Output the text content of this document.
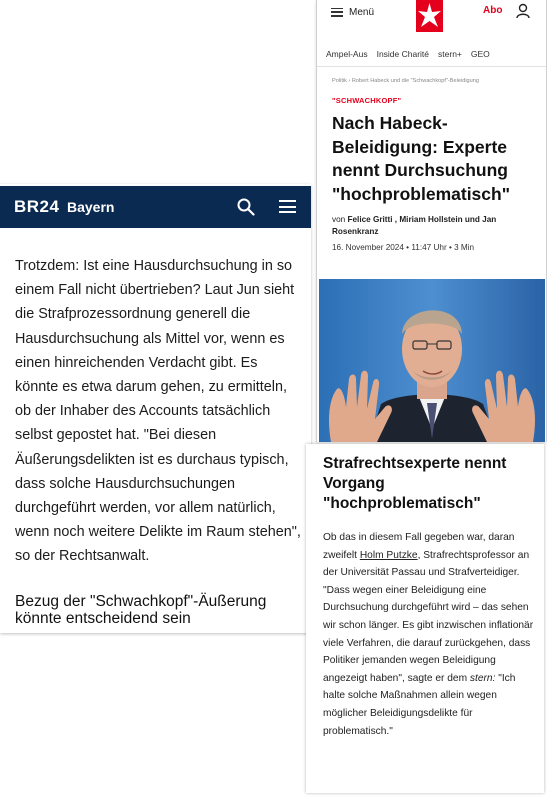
Menü	Abo
Ampel-Aus	Inside Charité	stern+	GEO
Politik › Robert Habeck und die "Schwachkopf"-Beleidigung
"SCHWACHKOPF"
Nach Habeck-Beleidigung: Experte nennt Durchsuchung "hochproblematisch"
von Felice Gritti , Miriam Hollstein und Jan Rosenkranz
16. November 2024 • 11:47 Uhr • 3 Min
BR24 Bayern
Trotzdem: Ist eine Hausdurchsuchung in so einem Fall nicht übertrieben? Laut Jun sieht die Strafprozessordnung generell die Hausdurchsuchung als Mittel vor, wenn es einen hinreichenden Verdacht gibt. Es könnte es etwa darum gehen, zu ermitteln, ob der Inhaber des Accounts tatsächlich selbst gepostet hat. "Bei diesen Äußerungsdelikten ist es durchaus typisch, dass solche Hausdurchsuchungen durchgeführt werden, vor allem natürlich, wenn noch weitere Delikte im Raum stehen", so der Rechtsanwalt.
Bezug der "Schwachkopf"-Äußerung könnte entscheidend sein
Strafrechtsexperte nennt Vorgang "hochproblematisch"
Ob das in diesem Fall gegeben war, daran zweifelt Holm Putzke, Strafrechtsprofessor an der Universität Passau und Strafverteidiger. "Dass wegen einer Beleidigung eine Durchsuchung durchgeführt wird – das sehen wir schon länger. Es gibt inzwischen inflationär viele Verfahren, die darauf zurückgehen, dass Politiker jemanden wegen Beleidigung angezeigt haben", sagte er dem stern: "Ich halte solche Maßnahmen allein wegen möglicher Beleidigungsdelikte für problematisch."
